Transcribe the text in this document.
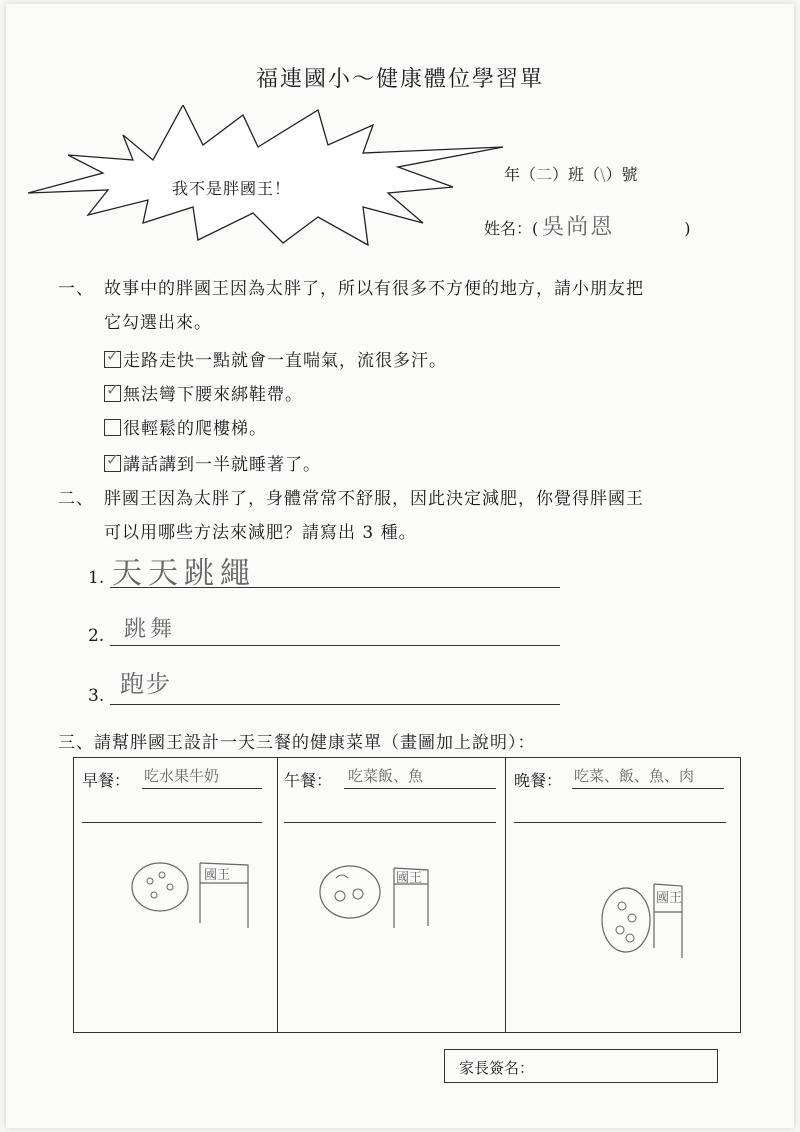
福連國小～健康體位學習單
我不是胖國王！
年（二）班（\）號
姓名：( 吳尚恩	)
一、 故事中的胖國王因為太胖了，所以有很多不方便的地方，請小朋友把
它勾選出來。
✓ 走路走快一點就會一直喘氣，流很多汗。
✓ 無法彎下腰來綁鞋帶。
很輕鬆的爬樓梯。
✓ 講話講到一半就睡著了。
二、 胖國王因為太胖了，身體常常不舒服，因此決定減肥，你覺得胖國王
可以用哪些方法來減肥？請寫出 3 種。
1. 天天跳繩
2. 跳舞
3. 跑步
三、請幫胖國王設計一天三餐的健康菜單（畫圖加上說明）：
早餐： 吃水果牛奶
國王
午餐： 吃菜飯、魚
國王
晚餐： 吃菜、飯、魚、肉
國王
家長簽名：
